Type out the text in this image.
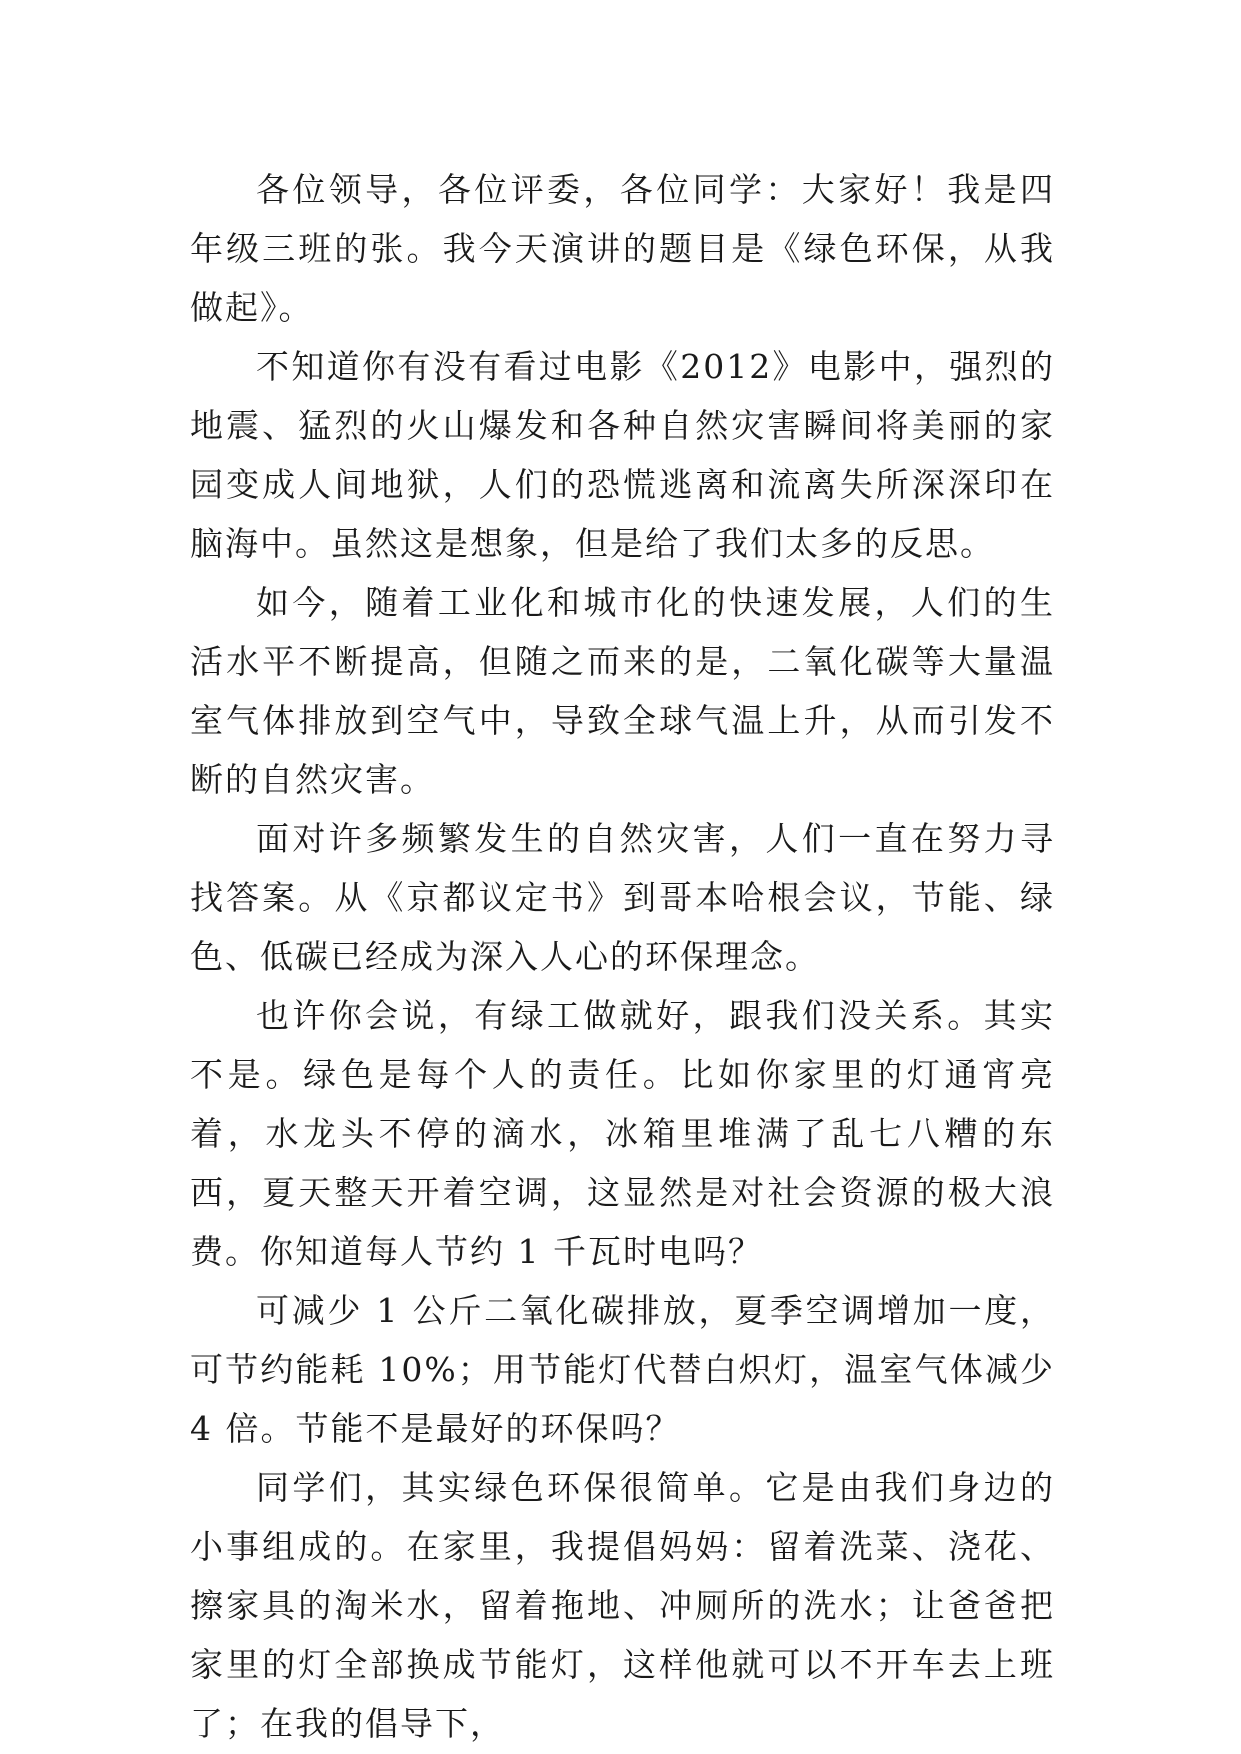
各位领导，各位评委，各位同学：大家好！我是四年级三班的张。我今天演讲的题目是《绿色环保，从我做起》。

不知道你有没有看过电影《2012》电影中，强烈的地震、猛烈的火山爆发和各种自然灾害瞬间将美丽的家园变成人间地狱，人们的恐慌逃离和流离失所深深印在脑海中。虽然这是想象，但是给了我们太多的反思。

如今，随着工业化和城市化的快速发展，人们的生活水平不断提高，但随之而来的是，二氧化碳等大量温室气体排放到空气中，导致全球气温上升，从而引发不断的自然灾害。

面对许多频繁发生的自然灾害，人们一直在努力寻找答案。从《京都议定书》到哥本哈根会议，节能、绿色、低碳已经成为深入人心的环保理念。

也许你会说，有绿工做就好，跟我们没关系。其实不是。绿色是每个人的责任。比如你家里的灯通宵亮着，水龙头不停的滴水，冰箱里堆满了乱七八糟的东西，夏天整天开着空调，这显然是对社会资源的极大浪费。你知道每人节约 1 千瓦时电吗？

可减少 1 公斤二氧化碳排放，夏季空调增加一度，可节约能耗 10%；用节能灯代替白炽灯，温室气体减少 4 倍。节能不是最好的环保吗？

同学们，其实绿色环保很简单。它是由我们身边的小事组成的。在家里，我提倡妈妈：留着洗菜、浇花、擦家具的淘米水，留着拖地、冲厕所的洗水；让爸爸把家里的灯全部换成节能灯，这样他就可以不开车去上班了；在我的倡导下，
